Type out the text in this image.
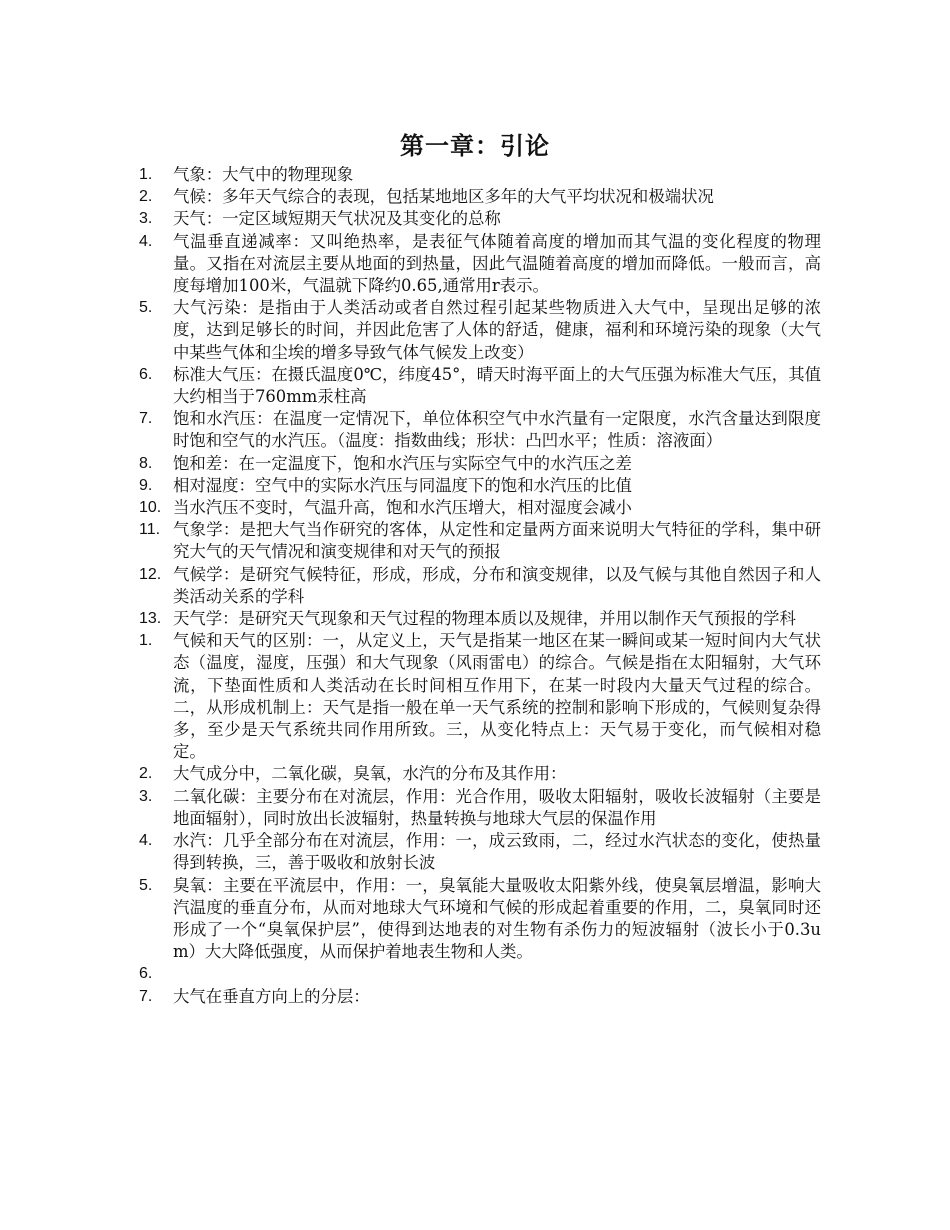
第一章：引论
1.	气象：大气中的物理现象
2.	气候：多年天气综合的表现，包括某地地区多年的大气平均状况和极端状况
3.	天气：一定区域短期天气状况及其变化的总称
4.	气温垂直递减率：又叫绝热率，是表征气体随着高度的增加而其气温的变化程度的物理量。又指在对流层主要从地面的到热量，因此气温随着高度的增加而降低。一般而言，高度每增加100米，气温就下降约0.65,通常用r表示。
5.	大气污染：是指由于人类活动或者自然过程引起某些物质进入大气中，呈现出足够的浓度，达到足够长的时间，并因此危害了人体的舒适，健康，福利和环境污染的现象（大气中某些气体和尘埃的增多导致气体气候发上改变）
6.	标准大气压：在摄氏温度0℃，纬度45°，晴天时海平面上的大气压强为标准大气压，其值大约相当于760mm汞柱高
7.	饱和水汽压：在温度一定情况下，单位体积空气中水汽量有一定限度，水汽含量达到限度时饱和空气的水汽压。（温度：指数曲线；形状：凸凹水平；性质：溶液面）
8.	饱和差：在一定温度下，饱和水汽压与实际空气中的水汽压之差
9.	相对湿度：空气中的实际水汽压与同温度下的饱和水汽压的比值
10. 当水汽压不变时，气温升高，饱和水汽压增大，相对湿度会减小
11. 气象学：是把大气当作研究的客体，从定性和定量两方面来说明大气特征的学科，集中研究大气的天气情况和演变规律和对天气的预报
12. 气候学：是研究气候特征，形成，形成，分布和演变规律，以及气候与其他自然因子和人类活动关系的学科
13. 天气学：是研究天气现象和天气过程的物理本质以及规律，并用以制作天气预报的学科
1.	气候和天气的区别：一，从定义上，天气是指某一地区在某一瞬间或某一短时间内大气状态（温度，湿度，压强）和大气现象（风雨雷电）的综合。气候是指在太阳辐射，大气环流，下垫面性质和人类活动在长时间相互作用下，在某一时段内大量天气过程的综合。二，从形成机制上：天气是指一般在单一天气系统的控制和影响下形成的，气候则复杂得多，至少是天气系统共同作用所致。三，从变化特点上：天气易于变化，而气候相对稳定。
2.	大气成分中，二氧化碳，臭氧，水汽的分布及其作用：
3.	二氧化碳：主要分布在对流层，作用：光合作用，吸收太阳辐射，吸收长波辐射（主要是地面辐射），同时放出长波辐射，热量转换与地球大气层的保温作用
4.	水汽：几乎全部分布在对流层，作用：一，成云致雨，二，经过水汽状态的变化，使热量得到转换，三，善于吸收和放射长波
5.	臭氧：主要在平流层中，作用：一，臭氧能大量吸收太阳紫外线，使臭氧层增温，影响大汽温度的垂直分布，从而对地球大气环境和气候的形成起着重要的作用，二，臭氧同时还形成了一个“臭氧保护层”，使得到达地表的对生物有杀伤力的短波辐射（波长小于0.3um）大大降低强度，从而保护着地表生物和人类。
6.
7.	大气在垂直方向上的分层：
